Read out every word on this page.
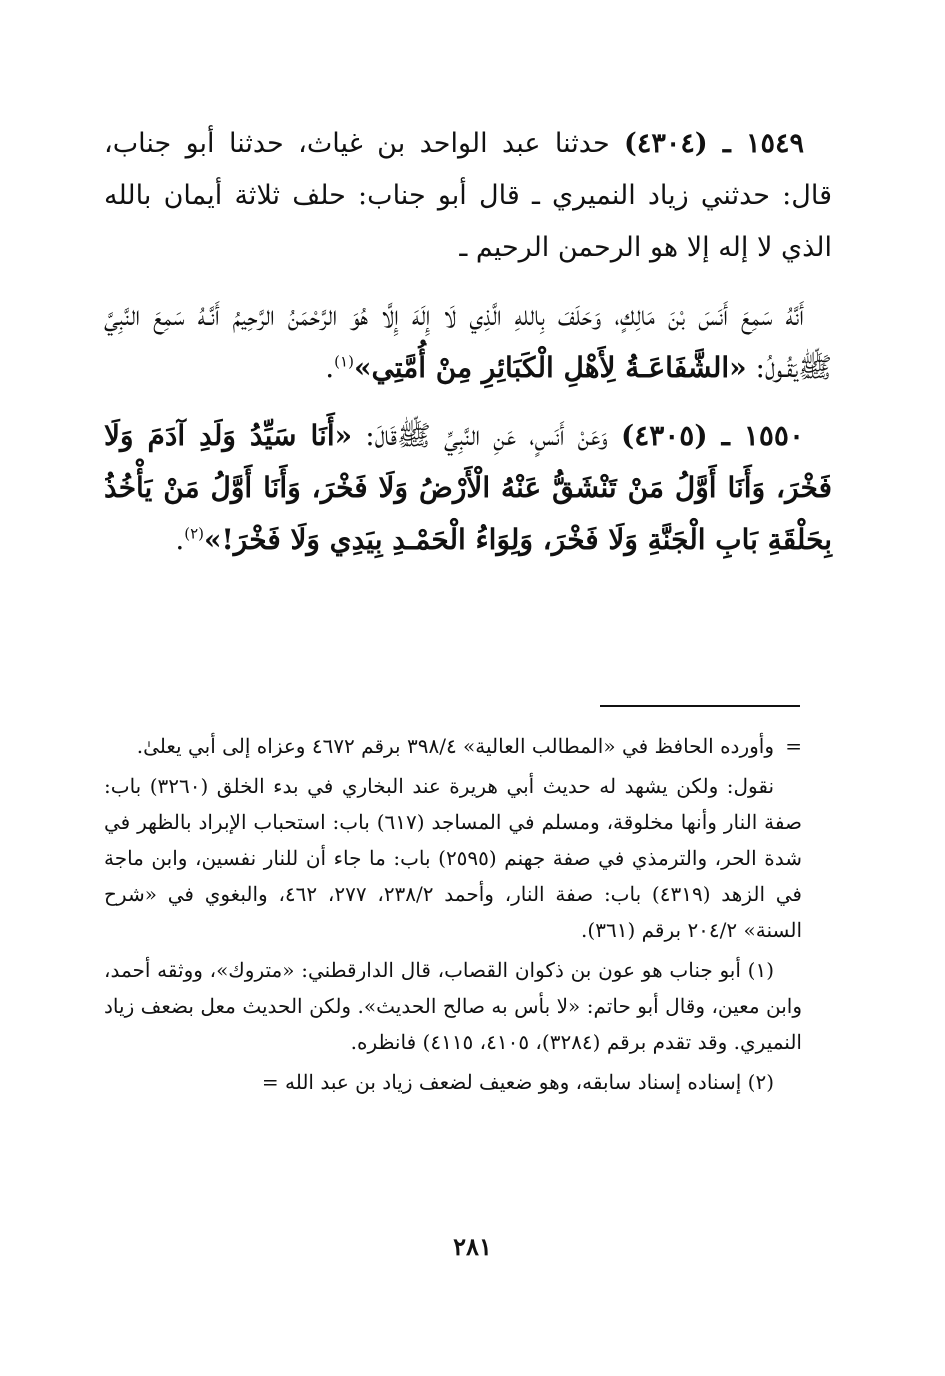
١٥٤٩ ـ (٤٣٠٤) حدثنا عبد الواحد بن غياث، حدثنا أبو جناب، قال: حدثني زياد النميري ـ قال أبو جناب: حلف ثلاثة أيمان بالله الذي لا إله إلا هو الرحمن الرحيم ـ

أَنَّهُ سَمِعَ أَنَسَ بْنَ مَالِكٍ، وَحَلَفَ بِاللهِ الَّذِي لَا إِلَهَ إِلَّا هُوَ الرَّحْمَنُ الرَّحِيمُ أَنَّـهُ سَمِعَ النَّبِيَّ ﷺيَقُـولُ: «الشَّفَاعَـةُ لِأَهْلِ الْكَبَائِرِ مِنْ أُمَّتِي»$^{(١)}$.

١٥٥٠ ـ (٤٣٠٥) وَعَنْ أَنَسٍ، عَنِ النَّبِيِّ ﷺقَالَ: «أَنَا سَيِّدُ وَلَدِ آدَمَ وَلَا فَخْرَ، وَأَنَا أَوَّلُ مَنْ تَنْشَقُّ عَنْهُ الْأَرْضُ وَلَا فَخْرَ، وَأَنَا أَوَّلُ مَنْ يَأْخُذُ بِحَلْقَةِ بَابِ الْجَنَّةِ وَلَا فَخْرَ، وَلِوَاءُ الْحَمْـدِ بِيَدِي وَلَا فَخْرَ!»$^{(٢)}$.

=
وأورده الحافظ في «المطالب العالية» ٣٩٨/٤ برقم ٤٦٧٢ وعزاه إلى أبي يعلىٰ.

نقول: ولكن يشهد له حديث أبي هريرة عند البخاري في بدء الخلق (٣٢٦٠) باب: صفة النار وأنها مخلوقة، ومسلم في المساجد (٦١٧) باب: استحباب الإبراد بالظهر في شدة الحر، والترمذي في صفة جهنم (٢٥٩٥) باب: ما جاء أن للنار نفسين، وابن ماجة في الزهد (٤٣١٩) باب: صفة النار، وأحمد ٢٣٨/٢، ٢٧٧، ٤٦٢، والبغوي في «شرح السنة» ٢٠٤/٢ برقم (٣٦١).

(١) أبو جناب هو عون بن ذكوان القصاب، قال الدارقطني: «متروك»، ووثقه أحمد، وابن معين، وقال أبو حاتم: «لا بأس به صالح الحديث». ولكن الحديث معل بضعف زياد النميري. وقد تقدم برقم (٣٢٨٤)، ٤١٠٥، ٤١١٥) فانظره.

(٢) إسناده إسناد سابقه، وهو ضعيف لضعف زياد بن عبد الله =

٢٨١
